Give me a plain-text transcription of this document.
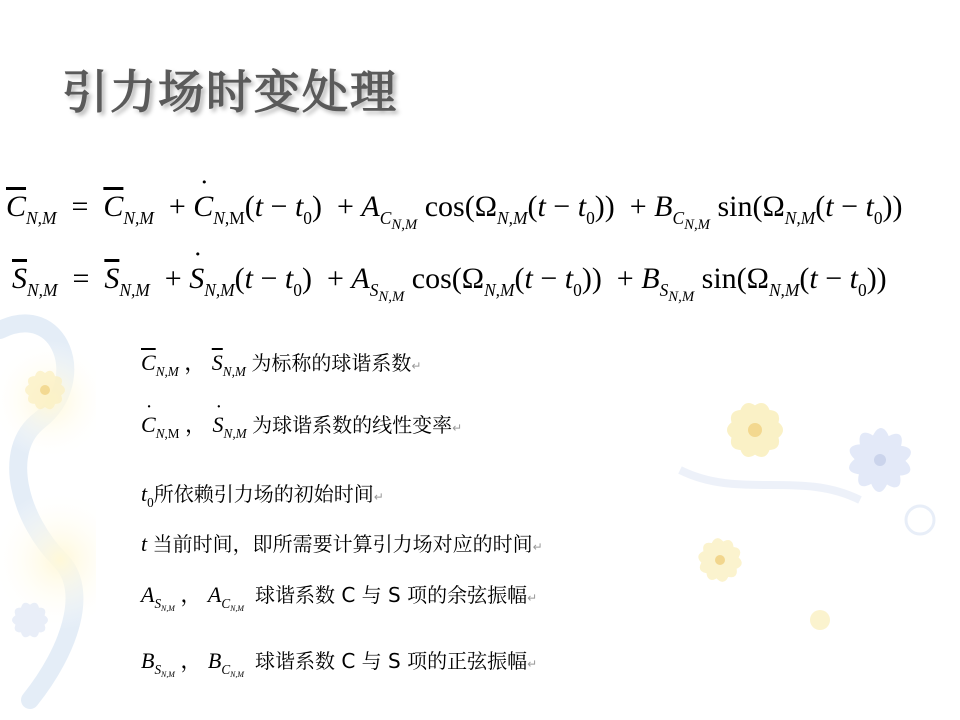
引力场时变处理
$\overline{C}_{N,M} = \overline{C}_{N,M}$  + ˙ $C_{N,M}(t - t_0) + A_{C_{N,M}}$ $\cos(\Omega_{N,M}(t - t_0)) + B_{C_{N,M}}$ $\sin(\Omega_{N,M}(t - t_0))$
$\overline{S}_{N,M} = \overline{S}_{N,M}$  + ˙ $S_{N,M}(t - t_0) + A_{S_{N,M}}$ $\cos(\Omega_{N,M}(t - t_0)) + B_{S_{N,M}}$ $\sin(\Omega_{N,M}(t - t_0))$
$\overline{C}_{N,M}$ ， $\overline{S}_{N,M}$ 为标称的球谐系数↵
˙ $C_{N,M}$ ， ˙ $S_{N,M}$ 为球谐系数的线性变率↵
$t_0$所依赖引力场的初始时间↵
t 当前时间，即所需要计算引力场对应的时间↵
$A_{S_{N,M}}$ ， $A_{C_{N,M}}$  球谐系数 C 与 S 项的余弦振幅↵
$B_{S_{N,M}}$ ， $B_{C_{N,M}}$  球谐系数 C 与 S 项的正弦振幅↵
